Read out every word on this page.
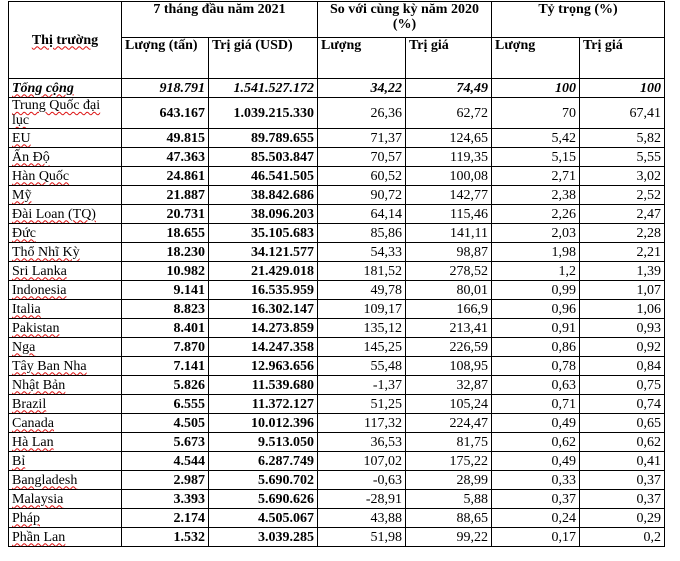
Thị trường	7 tháng đầu năm 2021		So với cùng kỳ năm 2020 (%)		Tỷ trọng (%)	
	Lượng (tấn)	Trị giá (USD)	Lượng	Trị giá	Lượng	Trị giá
Tổng cộng	918.791	1.541.527.172	34,22	74,49	100	100
Trung Quốc đại lục	643.167	1.039.215.330	26,36	62,72	70	67,41
EU	49.815	89.789.655	71,37	124,65	5,42	5,82
Ấn Độ	47.363	85.503.847	70,57	119,35	5,15	5,55
Hàn Quốc	24.861	46.541.505	60,52	100,08	2,71	3,02
Mỹ	21.887	38.842.686	90,72	142,77	2,38	2,52
Đài Loan (TQ)	20.731	38.096.203	64,14	115,46	2,26	2,47
Đức	18.655	35.105.683	85,86	141,11	2,03	2,28
Thổ Nhĩ Kỳ	18.230	34.121.577	54,33	98,87	1,98	2,21
Sri Lanka	10.982	21.429.018	181,52	278,52	1,2	1,39
Indonesia	9.141	16.535.959	49,78	80,01	0,99	1,07
Italia	8.823	16.302.147	109,17	166,9	0,96	1,06
Pakistan	8.401	14.273.859	135,12	213,41	0,91	0,93
Nga	7.870	14.247.358	145,25	226,59	0,86	0,92
Tây Ban Nha	7.141	12.963.656	55,48	108,95	0,78	0,84
Nhật Bản	5.826	11.539.680	-1,37	32,87	0,63	0,75
Brazil	6.555	11.372.127	51,25	105,24	0,71	0,74
Canada	4.505	10.012.396	117,32	224,47	0,49	0,65
Hà Lan	5.673	9.513.050	36,53	81,75	0,62	0,62
Bỉ	4.544	6.287.749	107,02	175,22	0,49	0,41
Bangladesh	2.987	5.690.702	-0,63	28,99	0,33	0,37
Malaysia	3.393	5.690.626	-28,91	5,88	0,37	0,37
Pháp	2.174	4.505.067	43,88	88,65	0,24	0,29
Phần Lan	1.532	3.039.285	51,98	99,22	0,17	0,2
